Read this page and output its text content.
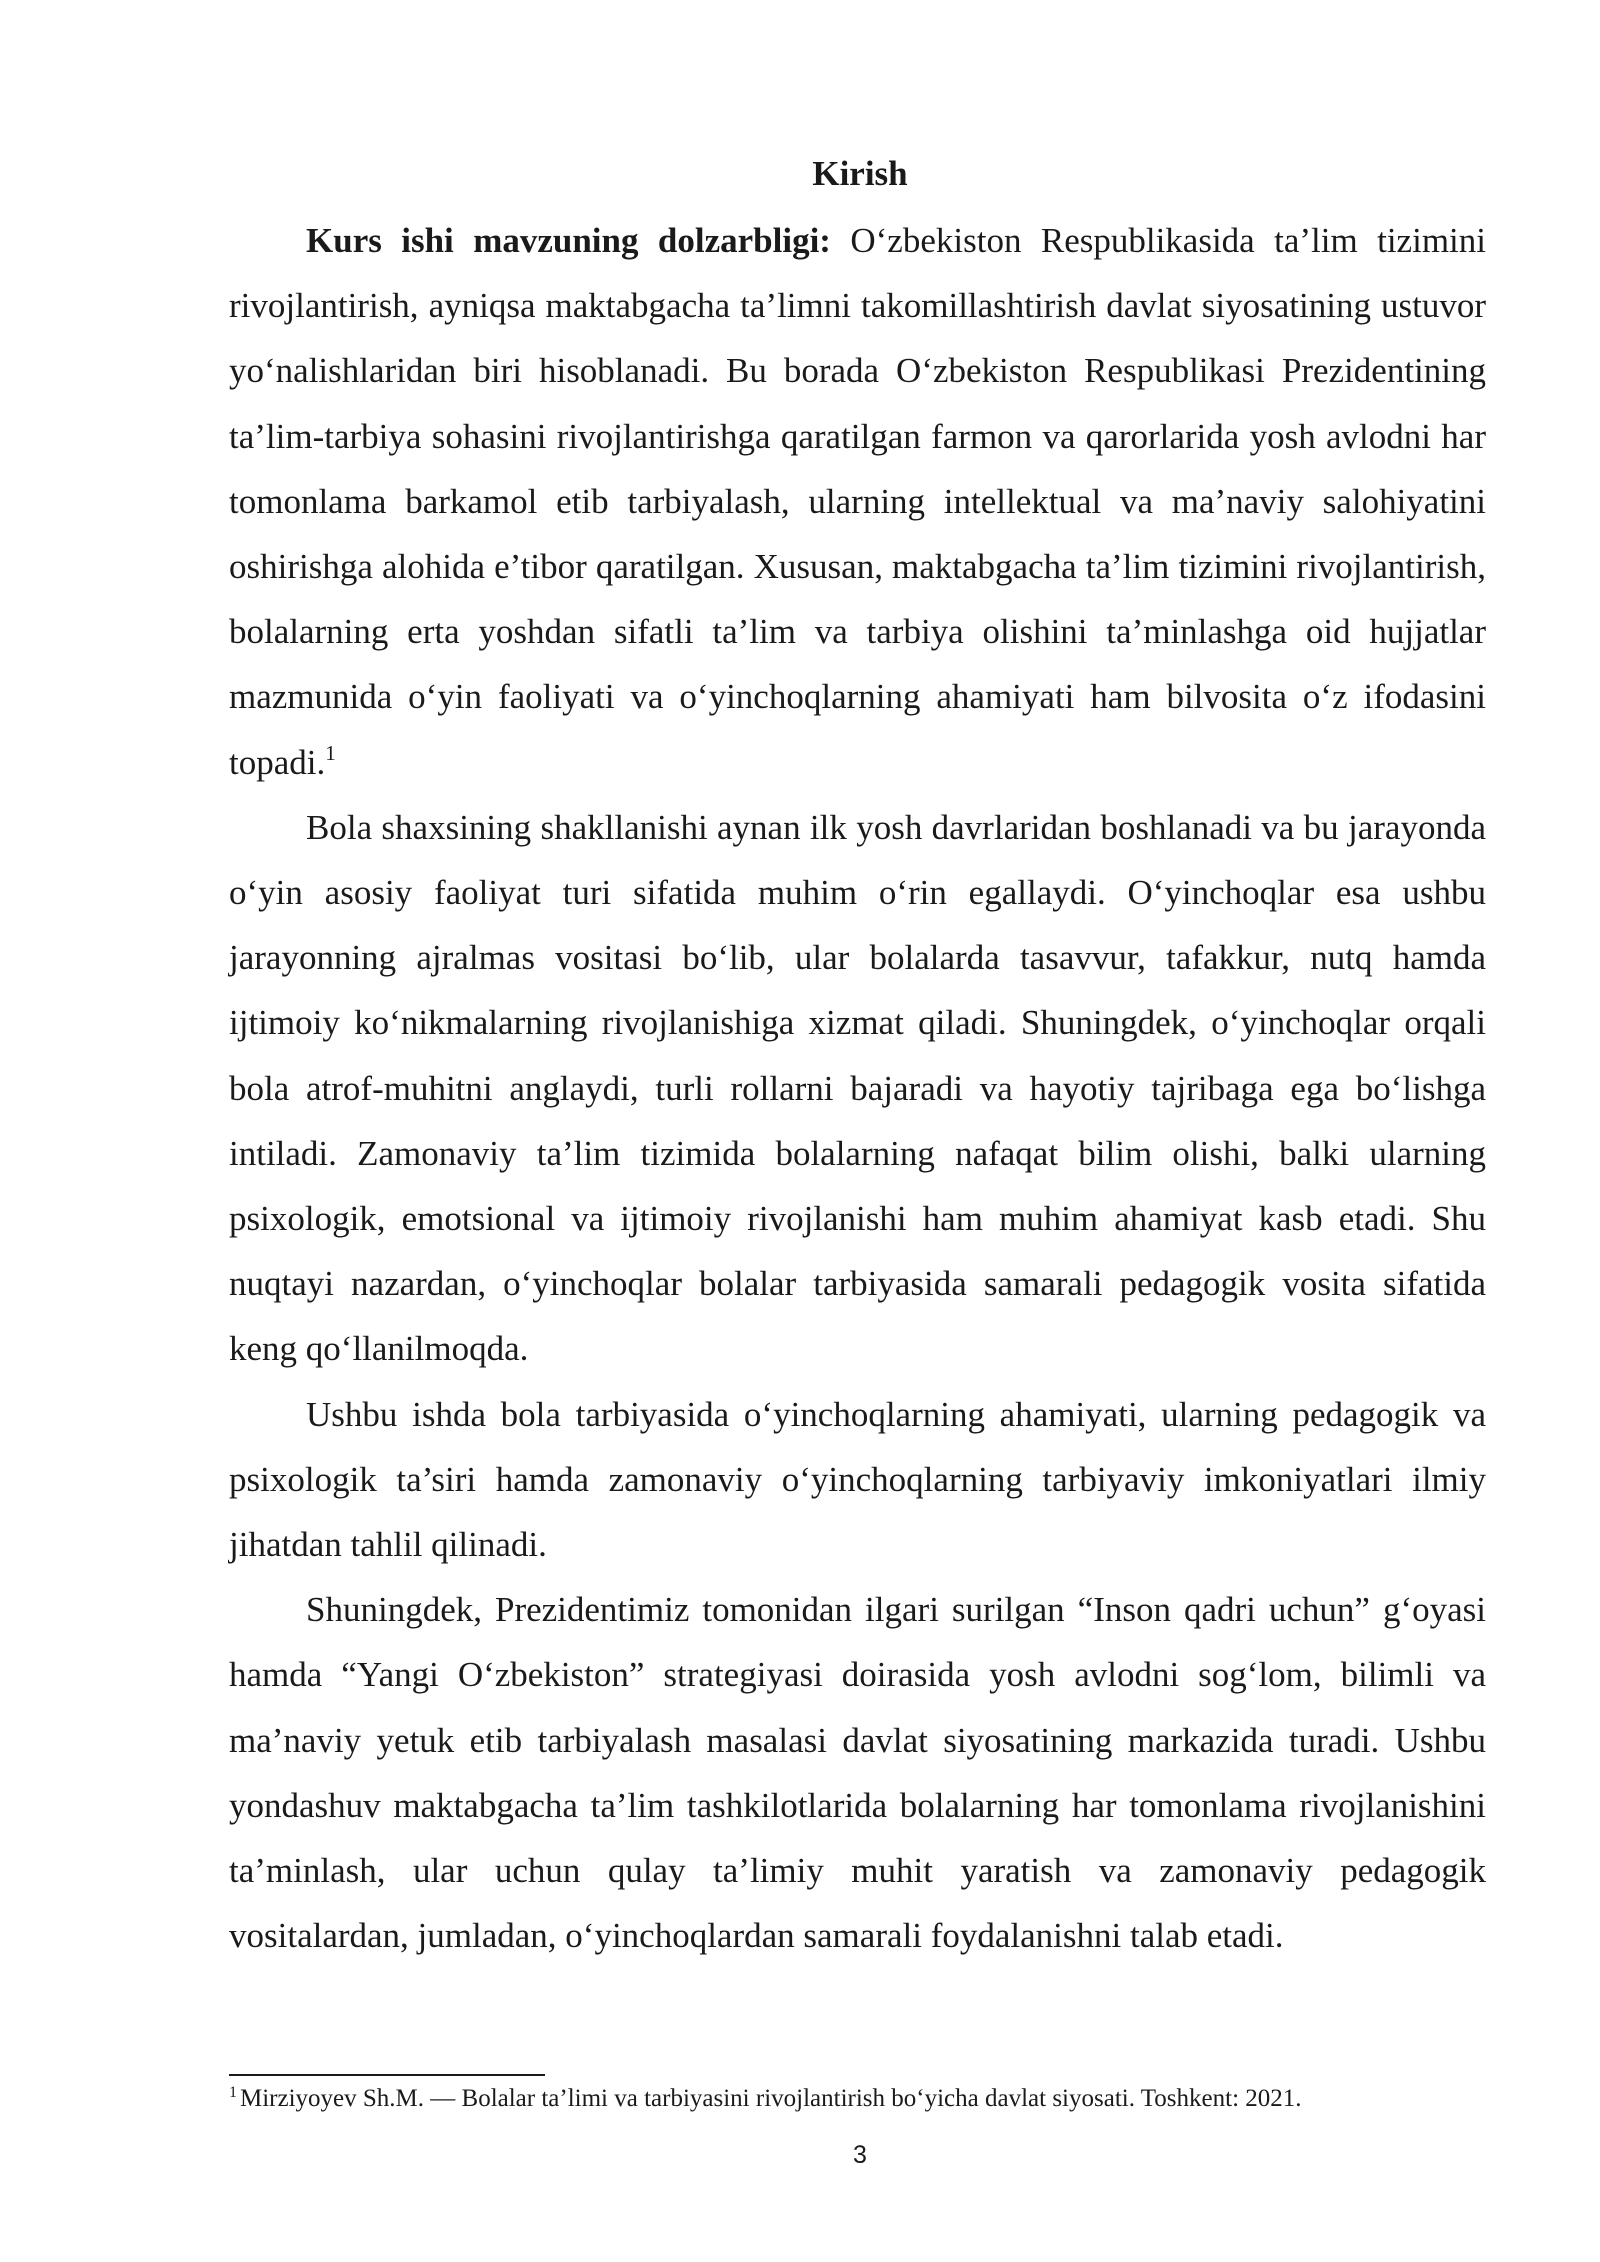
Kirish

Kurs ishi mavzuning dolzarbligi: O‘zbekiston Respublikasida ta’lim tizimini rivojlantirish, ayniqsa maktabgacha ta’limni takomillashtirish davlat siyosatining ustuvor yo‘nalishlaridan biri hisoblanadi. Bu borada O‘zbekiston Respublikasi Prezidentining ta’lim-tarbiya sohasini rivojlantirishga qaratilgan farmon va qarorlarida yosh avlodni har tomonlama barkamol etib tarbiyalash, ularning intellektual va ma’naviy salohiyatini oshirishga alohida e’tibor qaratilgan. Xususan, maktabgacha ta’lim tizimini rivojlantirish, bolalarning erta yoshdan sifatli ta’lim va tarbiya olishini ta’minlashga oid hujjatlar mazmunida o‘yin faoliyati va o‘yinchoqlarning ahamiyati ham bilvosita o‘z ifodasini topadi.$^1$

Bola shaxsining shakllanishi aynan ilk yosh davrlaridan boshlanadi va bu jarayonda o‘yin asosiy faoliyat turi sifatida muhim o‘rin egallaydi. O‘yinchoqlar esa ushbu jarayonning ajralmas vositasi bo‘lib, ular bolalarda tasavvur, tafakkur, nutq hamda ijtimoiy ko‘nikmalarning rivojlanishiga xizmat qiladi. Shuningdek, o‘yinchoqlar orqali bola atrof-muhitni anglaydi, turli rollarni bajaradi va hayotiy tajribaga ega bo‘lishga intiladi. Zamonaviy ta’lim tizimida bolalarning nafaqat bilim olishi, balki ularning psixologik, emotsional va ijtimoiy rivojlanishi ham muhim ahamiyat kasb etadi. Shu nuqtayi nazardan, o‘yinchoqlar bolalar tarbiyasida samarali pedagogik vosita sifatida keng qo‘llanilmoqda.

Ushbu ishda bola tarbiyasida o‘yinchoqlarning ahamiyati, ularning pedagogik va psixologik ta’siri hamda zamonaviy o‘yinchoqlarning tarbiyaviy imkoniyatlari ilmiy jihatdan tahlil qilinadi.

Shuningdek, Prezidentimiz tomonidan ilgari surilgan “Inson qadri uchun” g‘oyasi hamda “Yangi O‘zbekiston” strategiyasi doirasida yosh avlodni sog‘lom, bilimli va ma’naviy yetuk etib tarbiyalash masalasi davlat siyosatining markazida turadi. Ushbu yondashuv maktabgacha ta’lim tashkilotlarida bolalarning har tomonlama rivojlanishini ta’minlash, ular uchun qulay ta’limiy muhit yaratish va zamonaviy pedagogik vositalardan, jumladan, o‘yinchoqlardan samarali foydalanishni talab etadi.

$^1$ Mirziyoyev Sh.M. — Bolalar ta’limi va tarbiyasini rivojlantirish bo‘yicha davlat siyosati. Toshkent: 2021.
3
